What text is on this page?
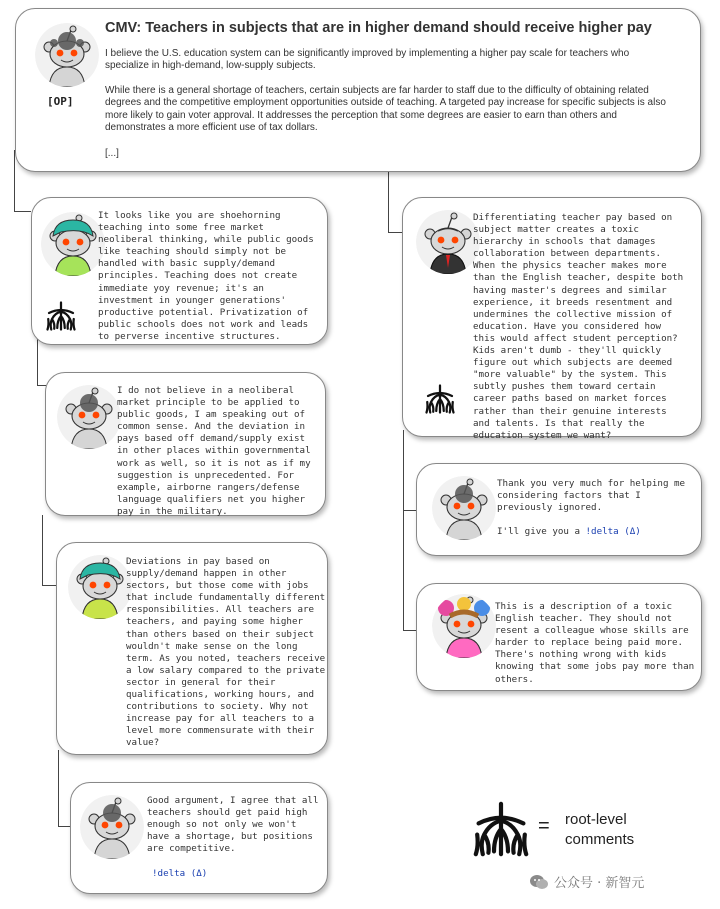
[OP]
CMV: Teachers in subjects that are in higher demand should receive higher pay
I believe the U.S. education system can be significantly improved by implementing a higher pay scale for teachers who specialize in high-demand, low-supply subjects.
While there is a general shortage of teachers, certain subjects are far harder to staff due to the difficulty of obtaining related degrees and the competitive employment opportunities outside of teaching. A targeted pay increase for specific subjects is also more likely to gain voter approval. It addresses the perception that some degrees are easier to earn than others and demonstrates a more efficient use of tax dollars.
[...]
It looks like you are shoehorning teaching into some free market neoliberal thinking, while public goods like teaching should simply not be handled with basic supply/demand principles. Teaching does not create immediate yoy revenue; it's an investment in younger generations' productive potential. Privatization of public schools does not work and leads to perverse incentive structures.
I do not believe in a neoliberal market principle to be applied to public goods, I am speaking out of common sense. And the deviation in pays based off demand/supply exist in other places within governmental work as well, so it is not as if my suggestion is unprecedented. For example, airborne rangers/defense language qualifiers net you higher pay in the military.
Deviations in pay based on supply/demand happen in other sectors, but those come with jobs that include fundamentally different responsibilities. All teachers are teachers, and paying some higher than others based on their subject wouldn't make sense on the long term. As you noted, teachers receive a low salary compared to the private sector in general for their qualifications, working hours, and contributions to society. Why not increase pay for all teachers to a level more commensurate with their value?
Good argument, I agree that all teachers should get paid high enough so not only we won't have a shortage, but positions are competitive.
!delta (Δ)
Differentiating teacher pay based on subject matter creates a toxic hierarchy in schools that damages collaboration between departments. When the physics teacher makes more than the English teacher, despite both having master's degrees and similar experience, it breeds resentment and undermines the collective mission of education. Have you considered how this would affect student perception? Kids aren't dumb - they'll quickly figure out which subjects are deemed "more valuable" by the system. This subtly pushes them toward certain career paths based on market forces rather than their genuine interests and talents. Is that really the education system we want?
Thank you very much for helping me considering factors that I previously ignored.
I'll give you a !delta (Δ)
This is a description of a toxic English teacher. They should not resent a colleague whose skills are harder to replace being paid more. There's nothing wrong with kids knowing that some jobs pay more than others.
= root-level
comments
公众号 · 新智元
